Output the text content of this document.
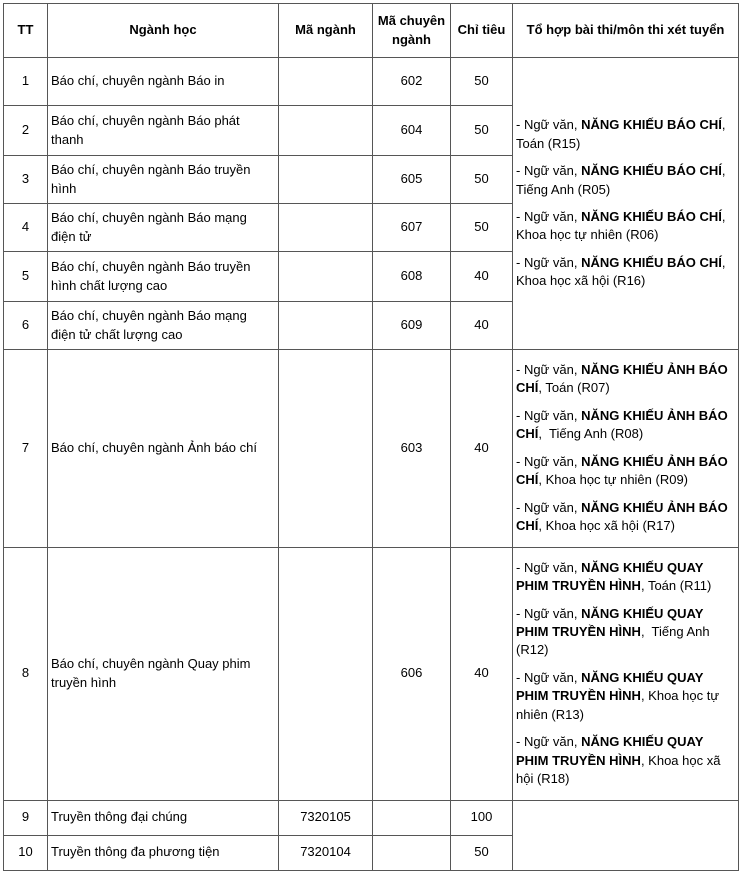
TT	Ngành học	Mã ngành	Mã chuyên ngành	Chỉ tiêu	Tổ hợp bài thi/môn thi xét tuyển
1	Báo chí, chuyên ngành Báo in		602	50	- Ngữ văn, NĂNG KHIẾU BÁO CHÍ, Toán (R15)

- Ngữ văn, NĂNG KHIẾU BÁO CHÍ,  Tiếng Anh (R05)

- Ngữ văn, NĂNG KHIẾU BÁO CHÍ, Khoa học tự nhiên (R06)

- Ngữ văn, NĂNG KHIẾU BÁO CHÍ, Khoa học xã hội (R16)

2	Báo chí, chuyên ngành Báo phát thanh		604	50	
3	Báo chí, chuyên ngành Báo truyền hình		605	50	
4	Báo chí, chuyên ngành Báo mạng điện tử		607	50	
5	Báo chí, chuyên ngành Báo truyền hình chất lượng cao		608	40	
6	Báo chí, chuyên ngành Báo mạng điện tử chất lượng cao		609	40	
7	Báo chí, chuyên ngành Ảnh báo chí		603	40	- Ngữ văn, NĂNG KHIẾU ẢNH BÁO CHÍ, Toán (R07)

- Ngữ văn, NĂNG KHIẾU ẢNH BÁO CHÍ,  Tiếng Anh (R08)

- Ngữ văn, NĂNG KHIẾU ẢNH BÁO CHÍ, Khoa học tự nhiên (R09)

- Ngữ văn, NĂNG KHIẾU ẢNH BÁO CHÍ, Khoa học xã hội (R17)

8	Báo chí, chuyên ngành Quay phim truyền hình		606	40	- Ngữ văn, NĂNG KHIẾU QUAY PHIM TRUYỀN HÌNH, Toán (R11)

- Ngữ văn, NĂNG KHIẾU QUAY PHIM TRUYỀN HÌNH,  Tiếng Anh (R12)

- Ngữ văn, NĂNG KHIẾU QUAY PHIM TRUYỀN HÌNH, Khoa học tự nhiên (R13)

- Ngữ văn, NĂNG KHIẾU QUAY PHIM TRUYỀN HÌNH, Khoa học xã hội (R18)

9	Truyền thông đại chúng	7320105		100	
10	Truyền thông đa phương tiện	7320104		50	
